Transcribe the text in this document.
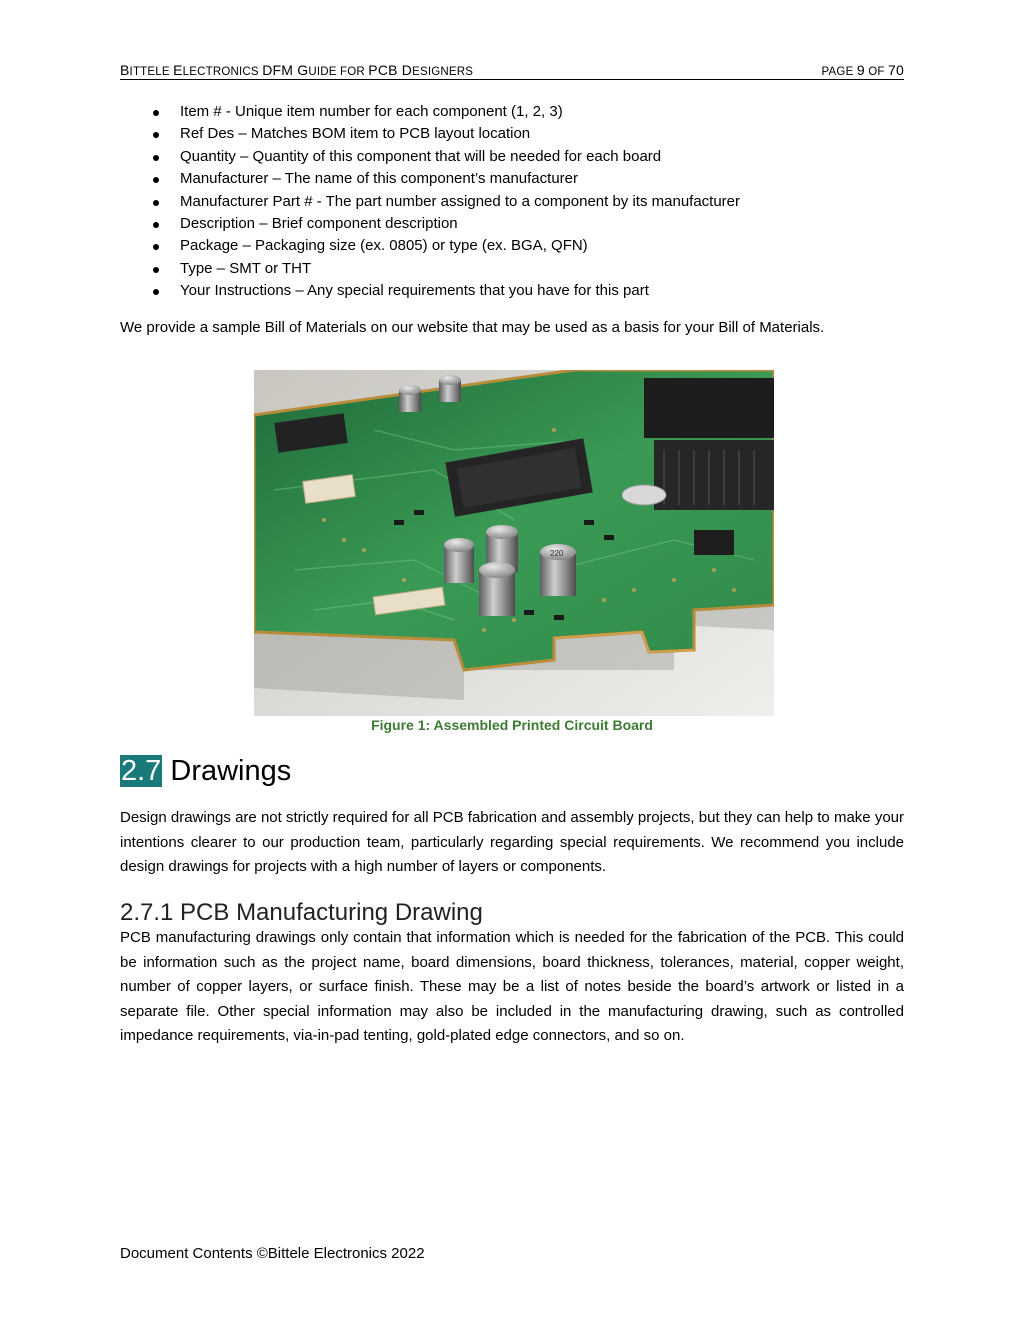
BITTELE ELECTRONICS DFM GUIDE FOR PCB DESIGNERS	PAGE 9 OF 70
Item # - Unique item number for each component (1, 2, 3)
Ref Des – Matches BOM item to PCB layout location
Quantity – Quantity of this component that will be needed for each board
Manufacturer – The name of this component’s manufacturer
Manufacturer Part # - The part number assigned to a component by its manufacturer
Description – Brief component description
Package – Packaging size (ex. 0805) or type (ex. BGA, QFN)
Type – SMT or THT
Your Instructions – Any special requirements that you have for this part

We provide a sample Bill of Materials on our website that may be used as a basis for your Bill of Materials.

220
Figure 1: Assembled Printed Circuit Board
2.7 Drawings

Design drawings are not strictly required for all PCB fabrication and assembly projects, but they can help to make your intentions clearer to our production team, particularly regarding special requirements. We recommend you include design drawings for projects with a high number of layers or components.

2.7.1 PCB Manufacturing Drawing

PCB manufacturing drawings only contain that information which is needed for the fabrication of the PCB. This could be information such as the project name, board dimensions, board thickness, tolerances, material, copper weight, number of copper layers, or surface finish. These may be a list of notes beside the board’s artwork or listed in a separate file. Other special information may also be included in the manufacturing drawing, such as controlled impedance requirements, via-in-pad tenting, gold-plated edge connectors, and so on.

Document Contents ©Bittele Electronics 2022
